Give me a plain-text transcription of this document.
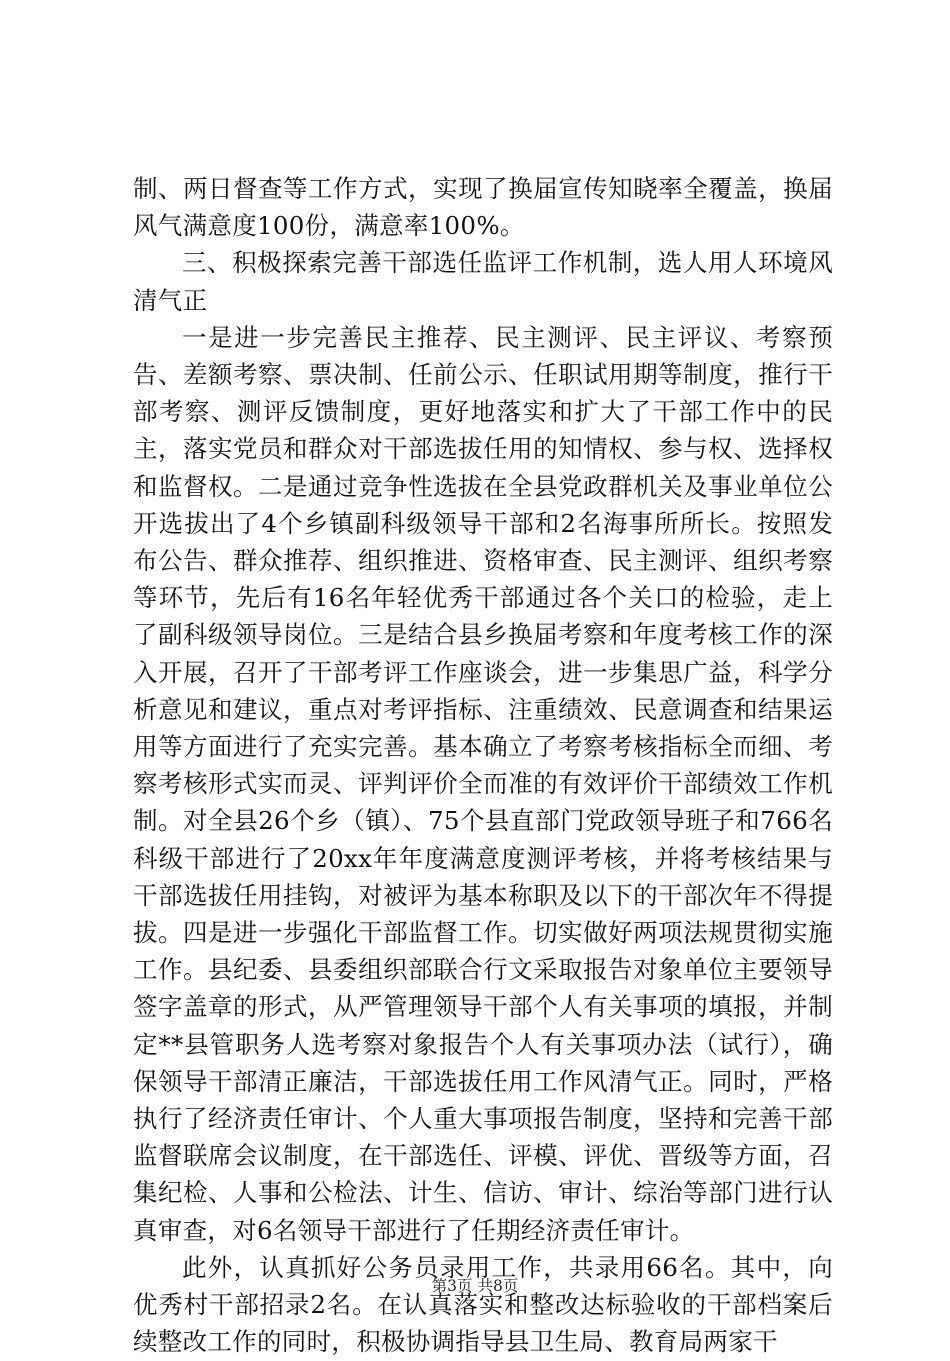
制、两日督查等工作方式，实现了换届宣传知晓率全覆盖，换届风气满意度100份，满意率100%。

三、积极探索完善干部选任监评工作机制，选人用人环境风清气正

一是进一步完善民主推荐、民主测评、民主评议、考察预告、差额考察、票决制、任前公示、任职试用期等制度，推行干部考察、测评反馈制度，更好地落实和扩大了干部工作中的民主，落实党员和群众对干部选拔任用的知情权、参与权、选择权和监督权。二是通过竞争性选拔在全县党政群机关及事业单位公开选拔出了4个乡镇副科级领导干部和2名海事所所长。按照发布公告、群众推荐、组织推进、资格审查、民主测评、组织考察等环节，先后有16名年轻优秀干部通过各个关口的检验，走上了副科级领导岗位。三是结合县乡换届考察和年度考核工作的深入开展，召开了干部考评工作座谈会，进一步集思广益，科学分析意见和建议，重点对考评指标、注重绩效、民意调查和结果运用等方面进行了充实完善。基本确立了考察考核指标全而细、考察考核形式实而灵、评判评价全而准的有效评价干部绩效工作机制。对全县26个乡（镇）、75个县直部门党政领导班子和766名科级干部进行了20xx年年度满意度测评考核，并将考核结果与干部选拔任用挂钩，对被评为基本称职及以下的干部次年不得提拔。四是进一步强化干部监督工作。切实做好两项法规贯彻实施工作。县纪委、县委组织部联合行文采取报告对象单位主要领导签字盖章的形式，从严管理领导干部个人有关事项的填报，并制定**县管职务人选考察对象报告个人有关事项办法（试行），确保领导干部清正廉洁，干部选拔任用工作风清气正。同时，严格执行了经济责任审计、个人重大事项报告制度，坚持和完善干部监督联席会议制度，在干部选任、评模、评优、晋级等方面，召集纪检、人事和公检法、计生、信访、审计、综治等部门进行认真审查，对6名领导干部进行了任期经济责任审计。

此外，认真抓好公务员录用工作，共录用66名。其中，向优秀村干部招录2名。在认真落实和整改达标验收的干部档案后续整改工作的同时，积极协调指导县卫生局、教育局两家干

第3页 共8页
